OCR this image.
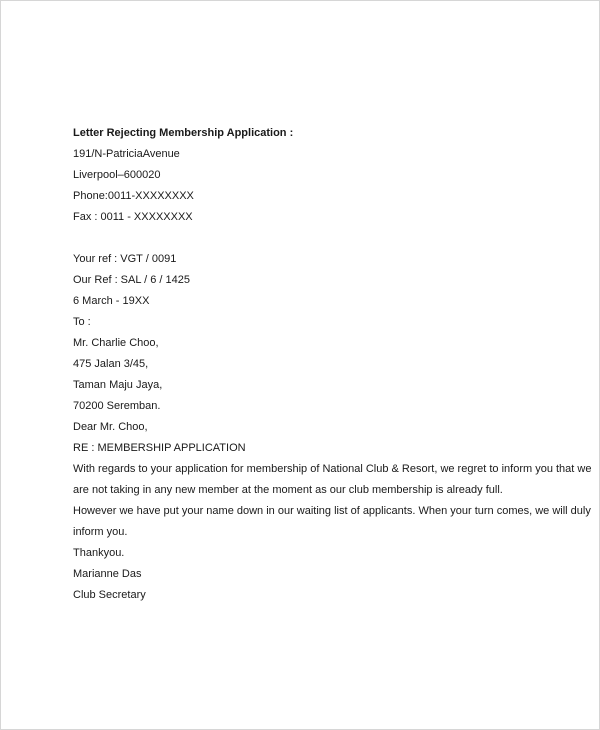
Letter Rejecting Membership Application :
191/N-PatriciaAvenue
Liverpool–600020
Phone:0011-XXXXXXXX
Fax : 0011 - XXXXXXXX
Your ref : VGT / 0091
Our Ref : SAL / 6 / 1425
6 March - 19XX
To :
Mr. Charlie Choo,
475 Jalan 3/45,
Taman Maju Jaya,
70200 Seremban.
Dear Mr. Choo,
RE : MEMBERSHIP APPLICATION
With regards to your application for membership of National Club & Resort, we regret to inform you that we
are not taking in any new member at the moment as our club membership is already full.
However we have put your name down in our waiting list of applicants. When your turn comes, we will duly
inform you.
Thankyou.
Marianne Das
Club Secretary
